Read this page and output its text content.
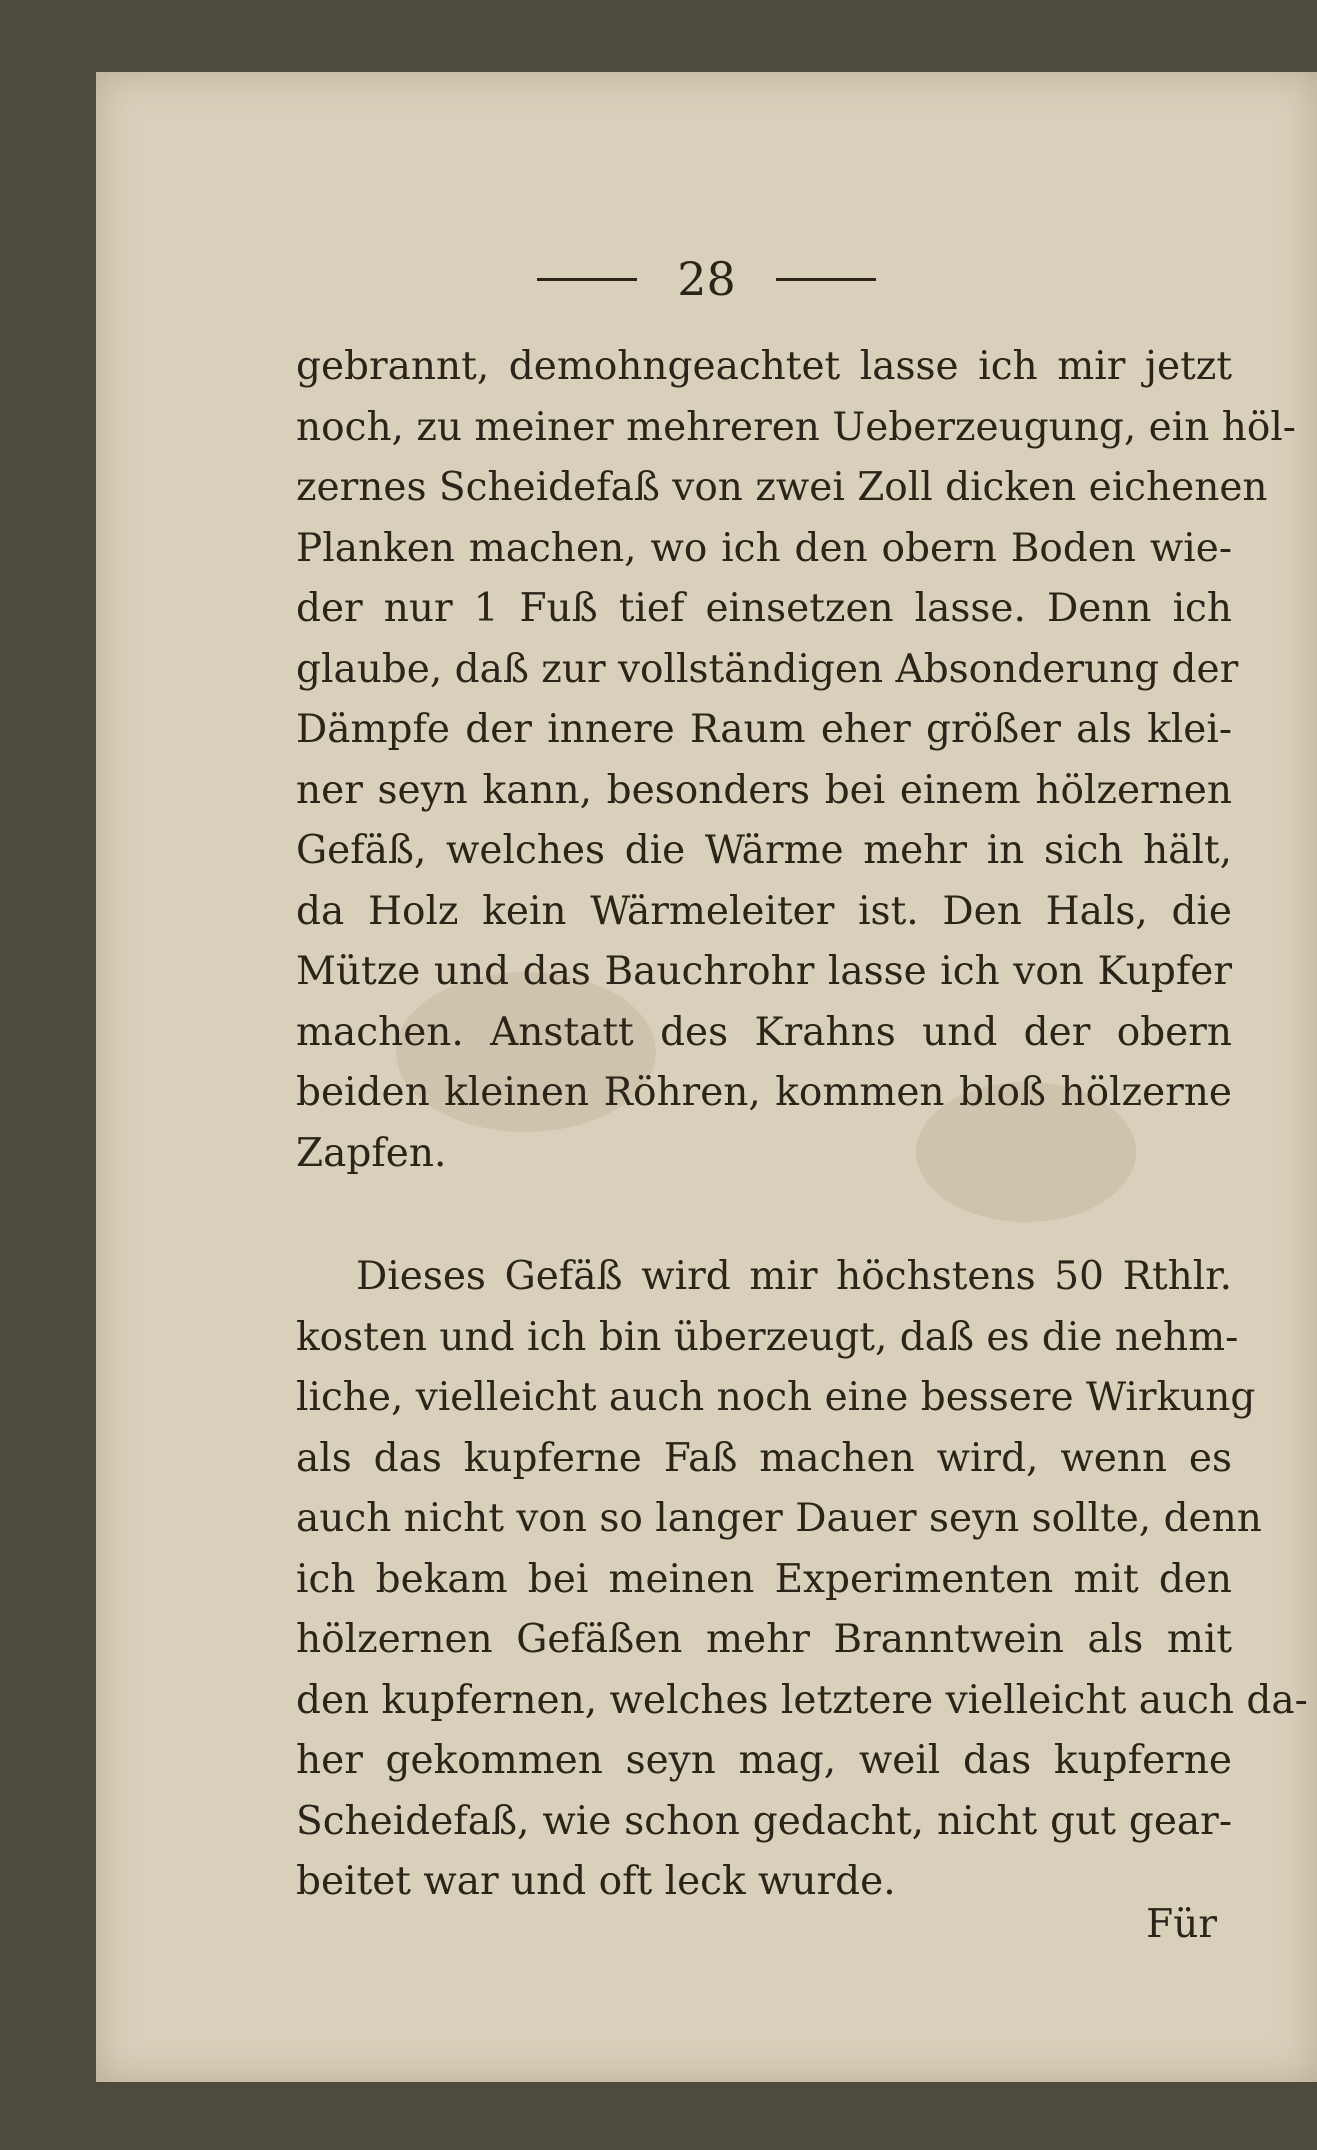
28
gebrannt, demohngeachtet lasse ich mir jetzt
noch, zu meiner mehreren Ueberzeugung, ein höl-
zernes Scheidefaß von zwei Zoll dicken eichenen
Planken machen, wo ich den obern Boden wie-
der nur 1 Fuß tief einsetzen lasse. Denn ich
glaube, daß zur vollständigen Absonderung der
Dämpfe der innere Raum eher größer als klei-
ner seyn kann, besonders bei einem hölzernen
Gefäß, welches die Wärme mehr in sich hält,
da Holz kein Wärmeleiter ist. Den Hals, die
Mütze und das Bauchrohr lasse ich von Kupfer
machen. Anstatt des Krahns und der obern
beiden kleinen Röhren, kommen bloß hölzerne
Zapfen.
Dieses Gefäß wird mir höchstens 50 Rthlr.
kosten und ich bin überzeugt, daß es die nehm-
liche, vielleicht auch noch eine bessere Wirkung
als das kupferne Faß machen wird, wenn es
auch nicht von so langer Dauer seyn sollte, denn
ich bekam bei meinen Experimenten mit den
hölzernen Gefäßen mehr Branntwein als mit
den kupfernen, welches letztere vielleicht auch da-
her gekommen seyn mag, weil das kupferne
Scheidefaß, wie schon gedacht, nicht gut gear-
beitet war und oft leck wurde.
Für
